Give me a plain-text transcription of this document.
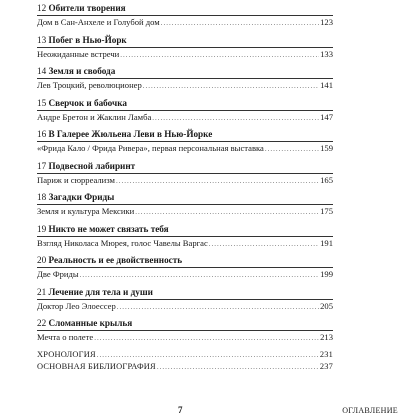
12 Обители творения
Дом в Сан-Анхеле и Голубой дом .....	123
13 Побег в Нью-Йорк
Неожиданные встречи .....	133
14 Земля и свобода
Лев Троцкий, революционер .....	141
15 Сверчок и бабочка
Андре Бретон и Жаклин Ламба .....	147
16 В Галерее Жюльена Леви в Нью-Йорке
«Фрида Кало / Фрида Ривера», первая персональная выставка .....	159
17 Подвесной лабиринт
Париж и сюрреализм .....	165
18 Загадки Фриды
Земля и культура Мексики .....	175
19 Никто не может связать тебя
Взгляд Николаса Мюрея, голос Чавелы Варгас .....	191
20 Реальность и ее двойственность
Две Фриды .....	199
21 Лечение для тела и души
Доктор Лео Элоессер .....	205
22 Сломанные крылья
Мечта о полете .....	213
ХРОНОЛОГИЯ .....	231
ОСНОВНАЯ БИБЛИОГРАФИЯ .....	237
7	ОГЛАВЛЕНИЕ
